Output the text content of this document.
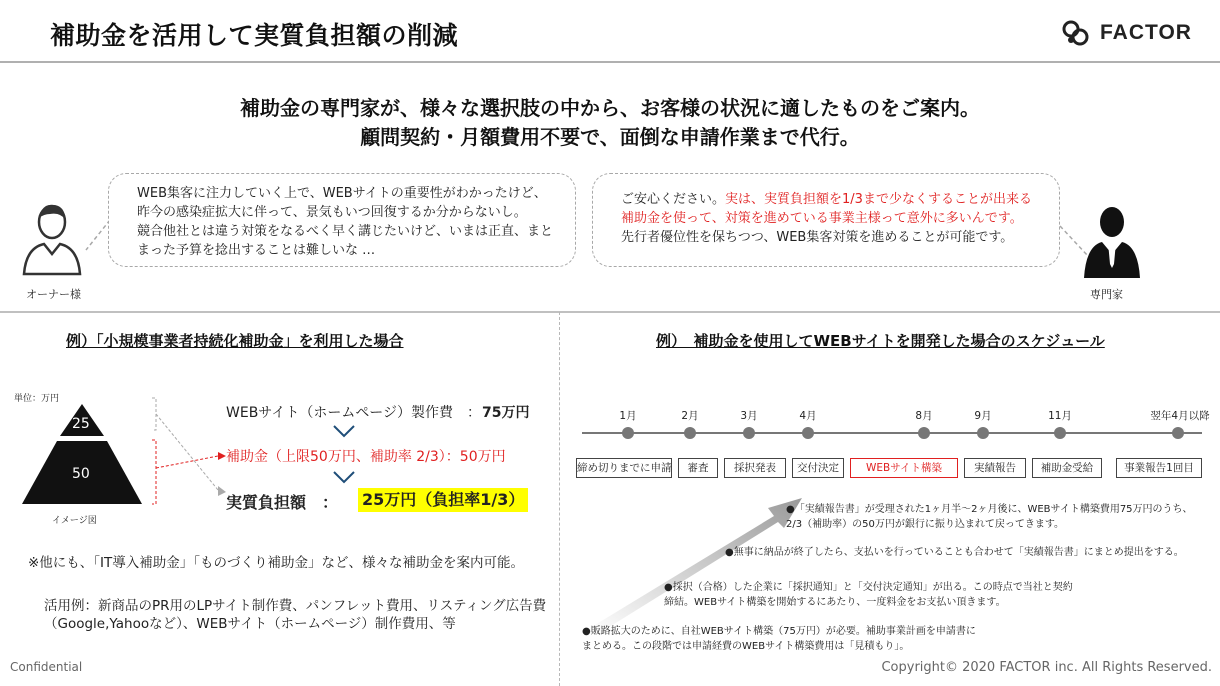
補助金を活用して実質負担額の削減	FACTOR
補助金の専門家が、様々な選択肢の中から、お客様の状況に適したものをご案内。
顧問契約・月額費用不要で、面倒な申請作業まで代行。
オーナー様
WEB集客に注力していく上で、WEBサイトの重要性がわかったけど、
昨今の感染症拡大に伴って、景気もいつ回復するか分からないし。
競合他社とは違う対策をなるべく早く講じたいけど、いまは正直、まと
まった予算を捻出することは難しいな …
ご安心ください。実は、実質負担額を1/3まで少なくすることが出来る
補助金を使って、対策を進めている事業主様って意外に多いんです。
先行者優位性を保ちつつ、WEB集客対策を進めることが可能です。
専門家
例）「小規模事業者持続化補助金」を利用した場合
単位：万円
25
50
イメージ図
WEBサイト（ホームページ）製作費　： 75万円
補助金（上限50万円、補助率 2/3）：50万円
実質負担額　： 25万円（負担率1/3）
※他にも、「IT導入補助金」「ものづくり補助金」など、様々な補助金を案内可能。
活用例：新商品のPR用のLPサイト制作費、パンフレット費用、リスティング広告費
（Google,Yahooなど）、WEBサイト（ホームページ）制作費用、等
例）　補助金を使用してWEBサイトを開発した場合のスケジュール
1月	2月	3月	4月	8月	9月	11月	翌年4月以降
締め切りまでに申請	審査	採択発表	交付決定	WEBサイト構築	実績報告	補助金受給	事業報告1回目
●「実績報告書」が受理された1ヶ月半～2ヶ月後に、WEBサイト構築費用75万円のうち、
2/3（補助率）の50万円が銀行に振り込まれて戻ってきます。
●無事に納品が終了したら、支払いを行っていることも合わせて「実績報告書」にまとめ提出をする。
●採択（合格）した企業に「採択通知」と「交付決定通知」が出る。この時点で当社と契約
締結。WEBサイト構築を開始するにあたり、一度料金をお支払い頂きます。
●販路拡大のために、自社WEBサイト構築（75万円）が必要。補助事業計画を申請書に
まとめる。この段階では申請経費のWEBサイト構築費用は「見積もり」。
Confidential	Copyright© 2020 FACTOR inc. All Rights Reserved.
